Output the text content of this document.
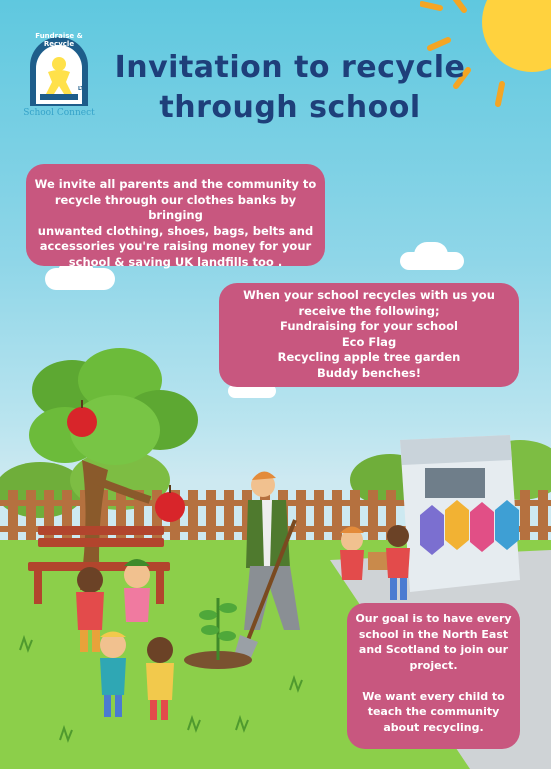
Fundraise & Recycle
LTD
School Connect
Invitation to recycle
through school
We invite all parents and the community to
recycle through our clothes banks by bringing
unwanted clothing, shoes, bags, belts and
accessories you're raising money for your
school & saving UK landfills too .
When your school recycles with us you
receive the following;
Fundraising for your school
Eco Flag
Recycling apple tree garden
Buddy benches!
Our goal is to have every
school in the North East
and Scotland to join our
project.
We want every child to
teach the community
about recycling.
